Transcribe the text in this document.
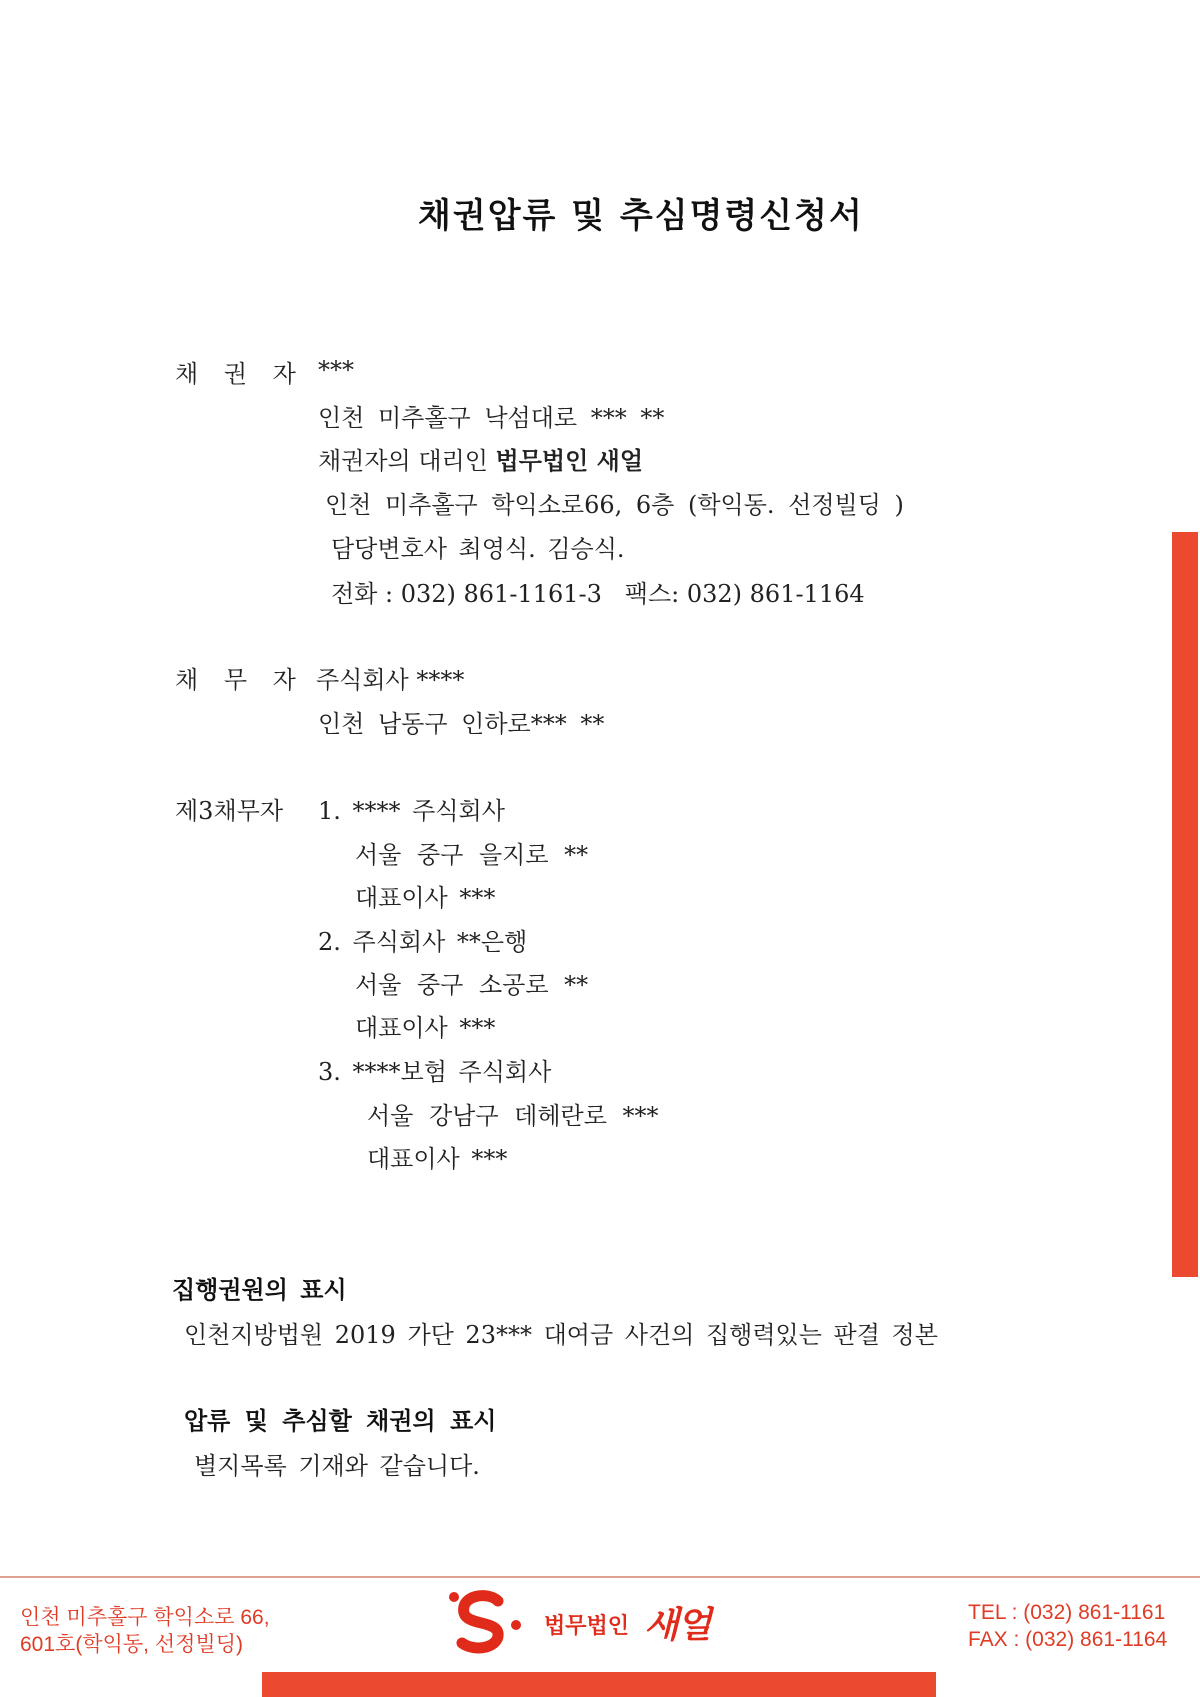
채권압류 및 추심명령신청서
채 권 자 ***
인천 미추홀구 낙섬대로 *** **
채권자의 대리인 법무법인 새얼
인천 미추홀구 학익소로66, 6층 (학익동. 선정빌딩 )
담당변호사 최영식. 김승식.
전화 : 032) 861-1161-3   팩스: 032) 861-1164
채 무 자 주식회사 ****
인천 남동구 인하로*** **
제3채무자 1. **** 주식회사
서울 중구 을지로 **
대표이사 ***
2. 주식회사 **은행
서울 중구 소공로 **
대표이사 ***
3. ****보험 주식회사
서울 강남구 데헤란로 ***
대표이사 ***
집행권원의 표시
인천지방법원 2019 가단 23*** 대여금 사건의 집행력있는 판결 정본
압류 및 추심할 채권의 표시
별지목록 기재와 같습니다.
인천 미추홀구 학익소로 66,
601호(학익동, 선정빌딩)
법무법인 새얼	TEL : (032) 861-1161
FAX : (032) 861-1164
